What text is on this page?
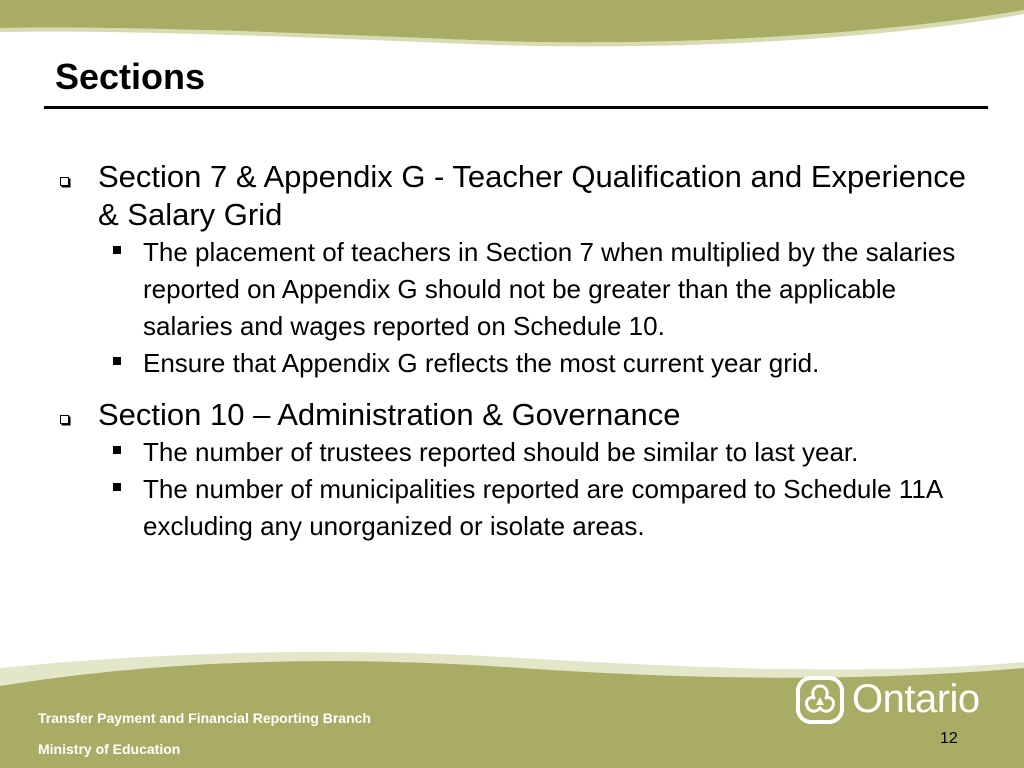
Sections
Section 7 & Appendix G - Teacher Qualification and Experience & Salary Grid
The placement of teachers in Section 7 when multiplied by the salaries reported on Appendix G should not be greater than the applicable salaries and wages reported on Schedule 10.
Ensure that Appendix G reflects the most current year grid.
Section 10 – Administration & Governance
The number of trustees reported should be similar to last year.
The number of municipalities reported are compared to Schedule 11A excluding any unorganized or isolate areas.
Transfer Payment and Financial Reporting Branch
Ministry of Education
12
Ontario
